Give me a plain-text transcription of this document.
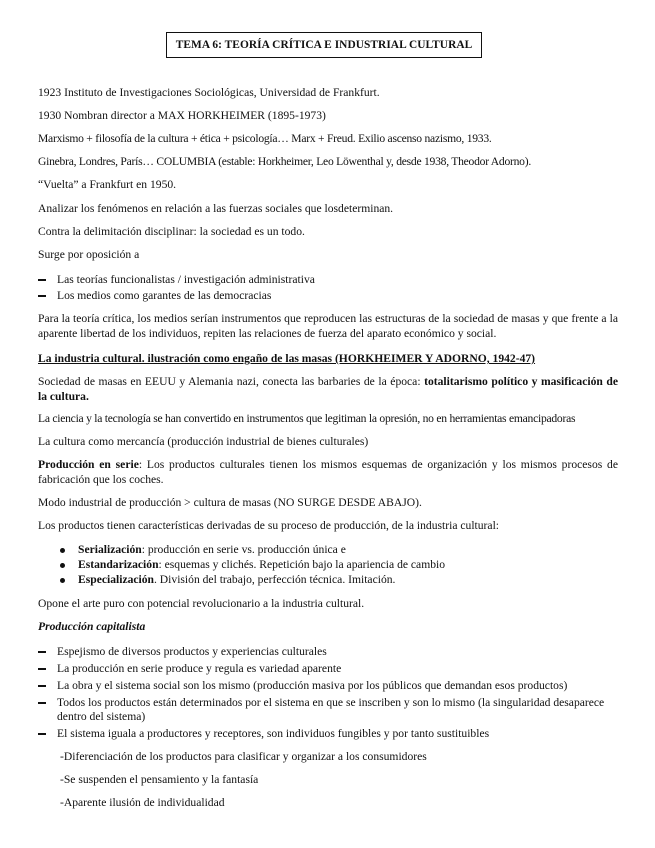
TEMA 6: TEORÍA CRÍTICA E INDUSTRIAL CULTURAL
1923 Instituto de Investigaciones Sociológicas, Universidad de Frankfurt.
1930 Nombran director a MAX HORKHEIMER (1895-1973)
Marxismo + filosofía de la cultura + ética + psicología… Marx + Freud. Exilio ascenso nazismo, 1933.
Ginebra, Londres, París… COLUMBIA (estable: Horkheimer, Leo Löwenthal y, desde 1938, Theodor Adorno).
“Vuelta” a Frankfurt en 1950.
Analizar los fenómenos en relación a las fuerzas sociales que losdeterminan.
Contra la delimitación disciplinar: la sociedad es un todo.
Surge por oposición a
Las teorías funcionalistas / investigación administrativa
Los medios como garantes de las democracias
Para la teoría crítica, los medios serían instrumentos que reproducen las estructuras de la sociedad de masas y que frente a la aparente libertad de los individuos, repiten las relaciones de fuerza del aparato económico y social.
La industria cultural. ilustración como engaño de las masas (HORKHEIMER Y ADORNO, 1942-47)
Sociedad de masas en EEUU y Alemania nazi, conecta las barbaries de la época: totalitarismo político y masificación de la cultura.
La ciencia y la tecnología se han convertido en instrumentos que legitiman la opresión, no en herramientas emancipadoras
La cultura como mercancía (producción industrial de bienes culturales)
Producción en serie: Los productos culturales tienen los mismos esquemas de organización y los mismos procesos de fabricación que los coches.
Modo industrial de producción > cultura de masas (NO SURGE DESDE ABAJO).
Los productos tienen características derivadas de su proceso de producción, de la industria cultural:
Serialización: producción en serie vs. producción única e
Estandarización: esquemas y clichés. Repetición bajo la apariencia de cambio
Especialización. División del trabajo, perfección técnica. Imitación.
Opone el arte puro con potencial revolucionario a la industria cultural.
Producción capitalista
Espejismo de diversos productos y experiencias culturales
La producción en serie produce y regula es variedad aparente
La obra y el sistema social son los mismo (producción masiva por los públicos que demandan esos productos)
Todos los productos están determinados por el sistema en que se inscriben y son lo mismo (la singularidad desaparece dentro del sistema)
El sistema iguala a productores y receptores, son individuos fungibles y por tanto sustituibles
-Diferenciación de los productos para clasificar y organizar a los consumidores
-Se suspenden el pensamiento y la fantasía
-Aparente ilusión de individualidad
